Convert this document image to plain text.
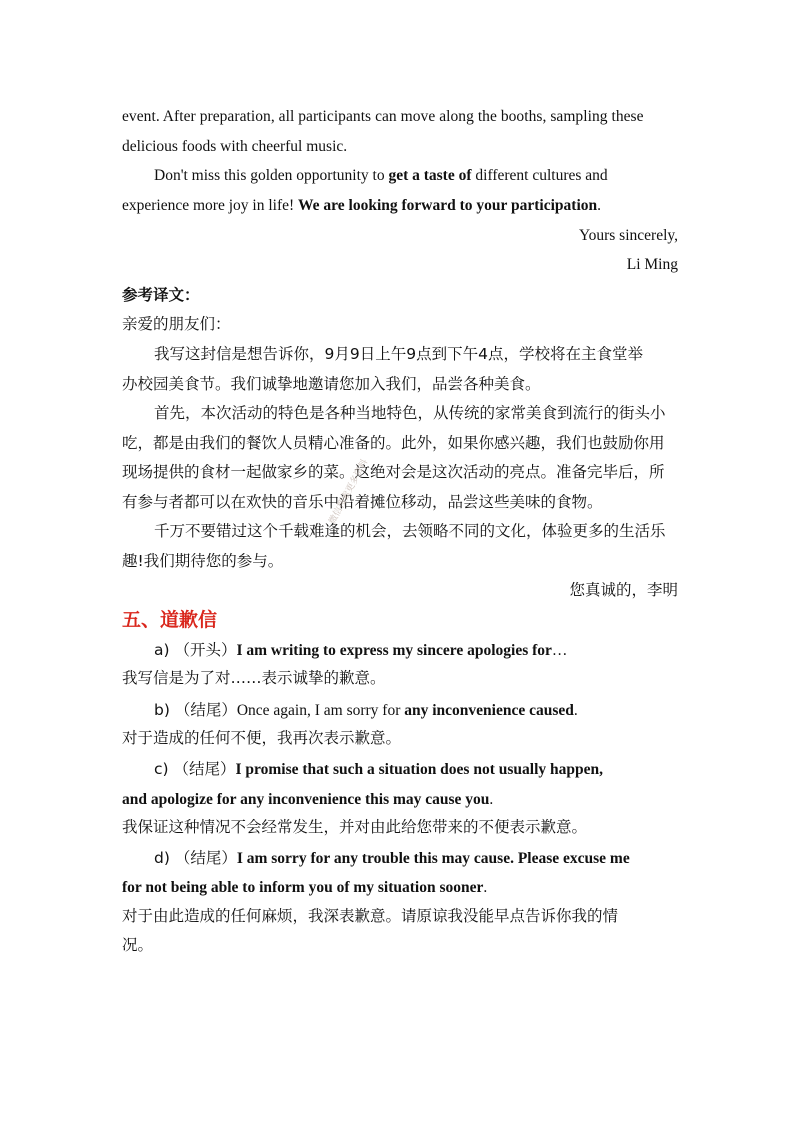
event. After preparation, all participants can move along the booths, sampling these
delicious foods with cheerful music.
Don't miss this golden opportunity to get a taste of different cultures and
experience more joy in life! We are looking forward to your participation.
Yours sincerely,
Li Ming
参考译文：
亲爱的朋友们：
我写这封信是想告诉你，9月9日上午9点到下午4点，学校将在主食堂举
办校园美食节。我们诚挚地邀请您加入我们，品尝各种美食。
首先，本次活动的特色是各种当地特色，从传统的家常美食到流行的街头小
吃，都是由我们的餐饮人员精心准备的。此外，如果你感兴趣，我们也鼓励你用
现场提供的食材一起做家乡的菜。这绝对会是这次活动的亮点。准备完毕后，所
有参与者都可以在欢快的音乐中沿着摊位移动，品尝这些美味的食物。
千万不要错过这个千载难逢的机会，去领略不同的文化，体验更多的生活乐
趣!我们期待您的参与。
您真诚的，李明
五、道歉信
a) （开头）I am writing to express my sincere apologies for…
我写信是为了对……表示诚挚的歉意。
b) （结尾）Once again, I am sorry for any inconvenience caused.
对于造成的任何不便，我再次表示歉意。
c) （结尾）I promise that such a situation does not usually happen,
and apologize for any inconvenience this may cause you.
我保证这种情况不会经常发生，并对由此给您带来的不便表示歉意。
d) （结尾）I am sorry for any trouble this may cause. Please excuse me
for not being able to inform you of my situation sooner.
对于由此造成的任何麻烦，我深表歉意。请原谅我没能早点告诉你我的情
况。
微信搜索更多资料
